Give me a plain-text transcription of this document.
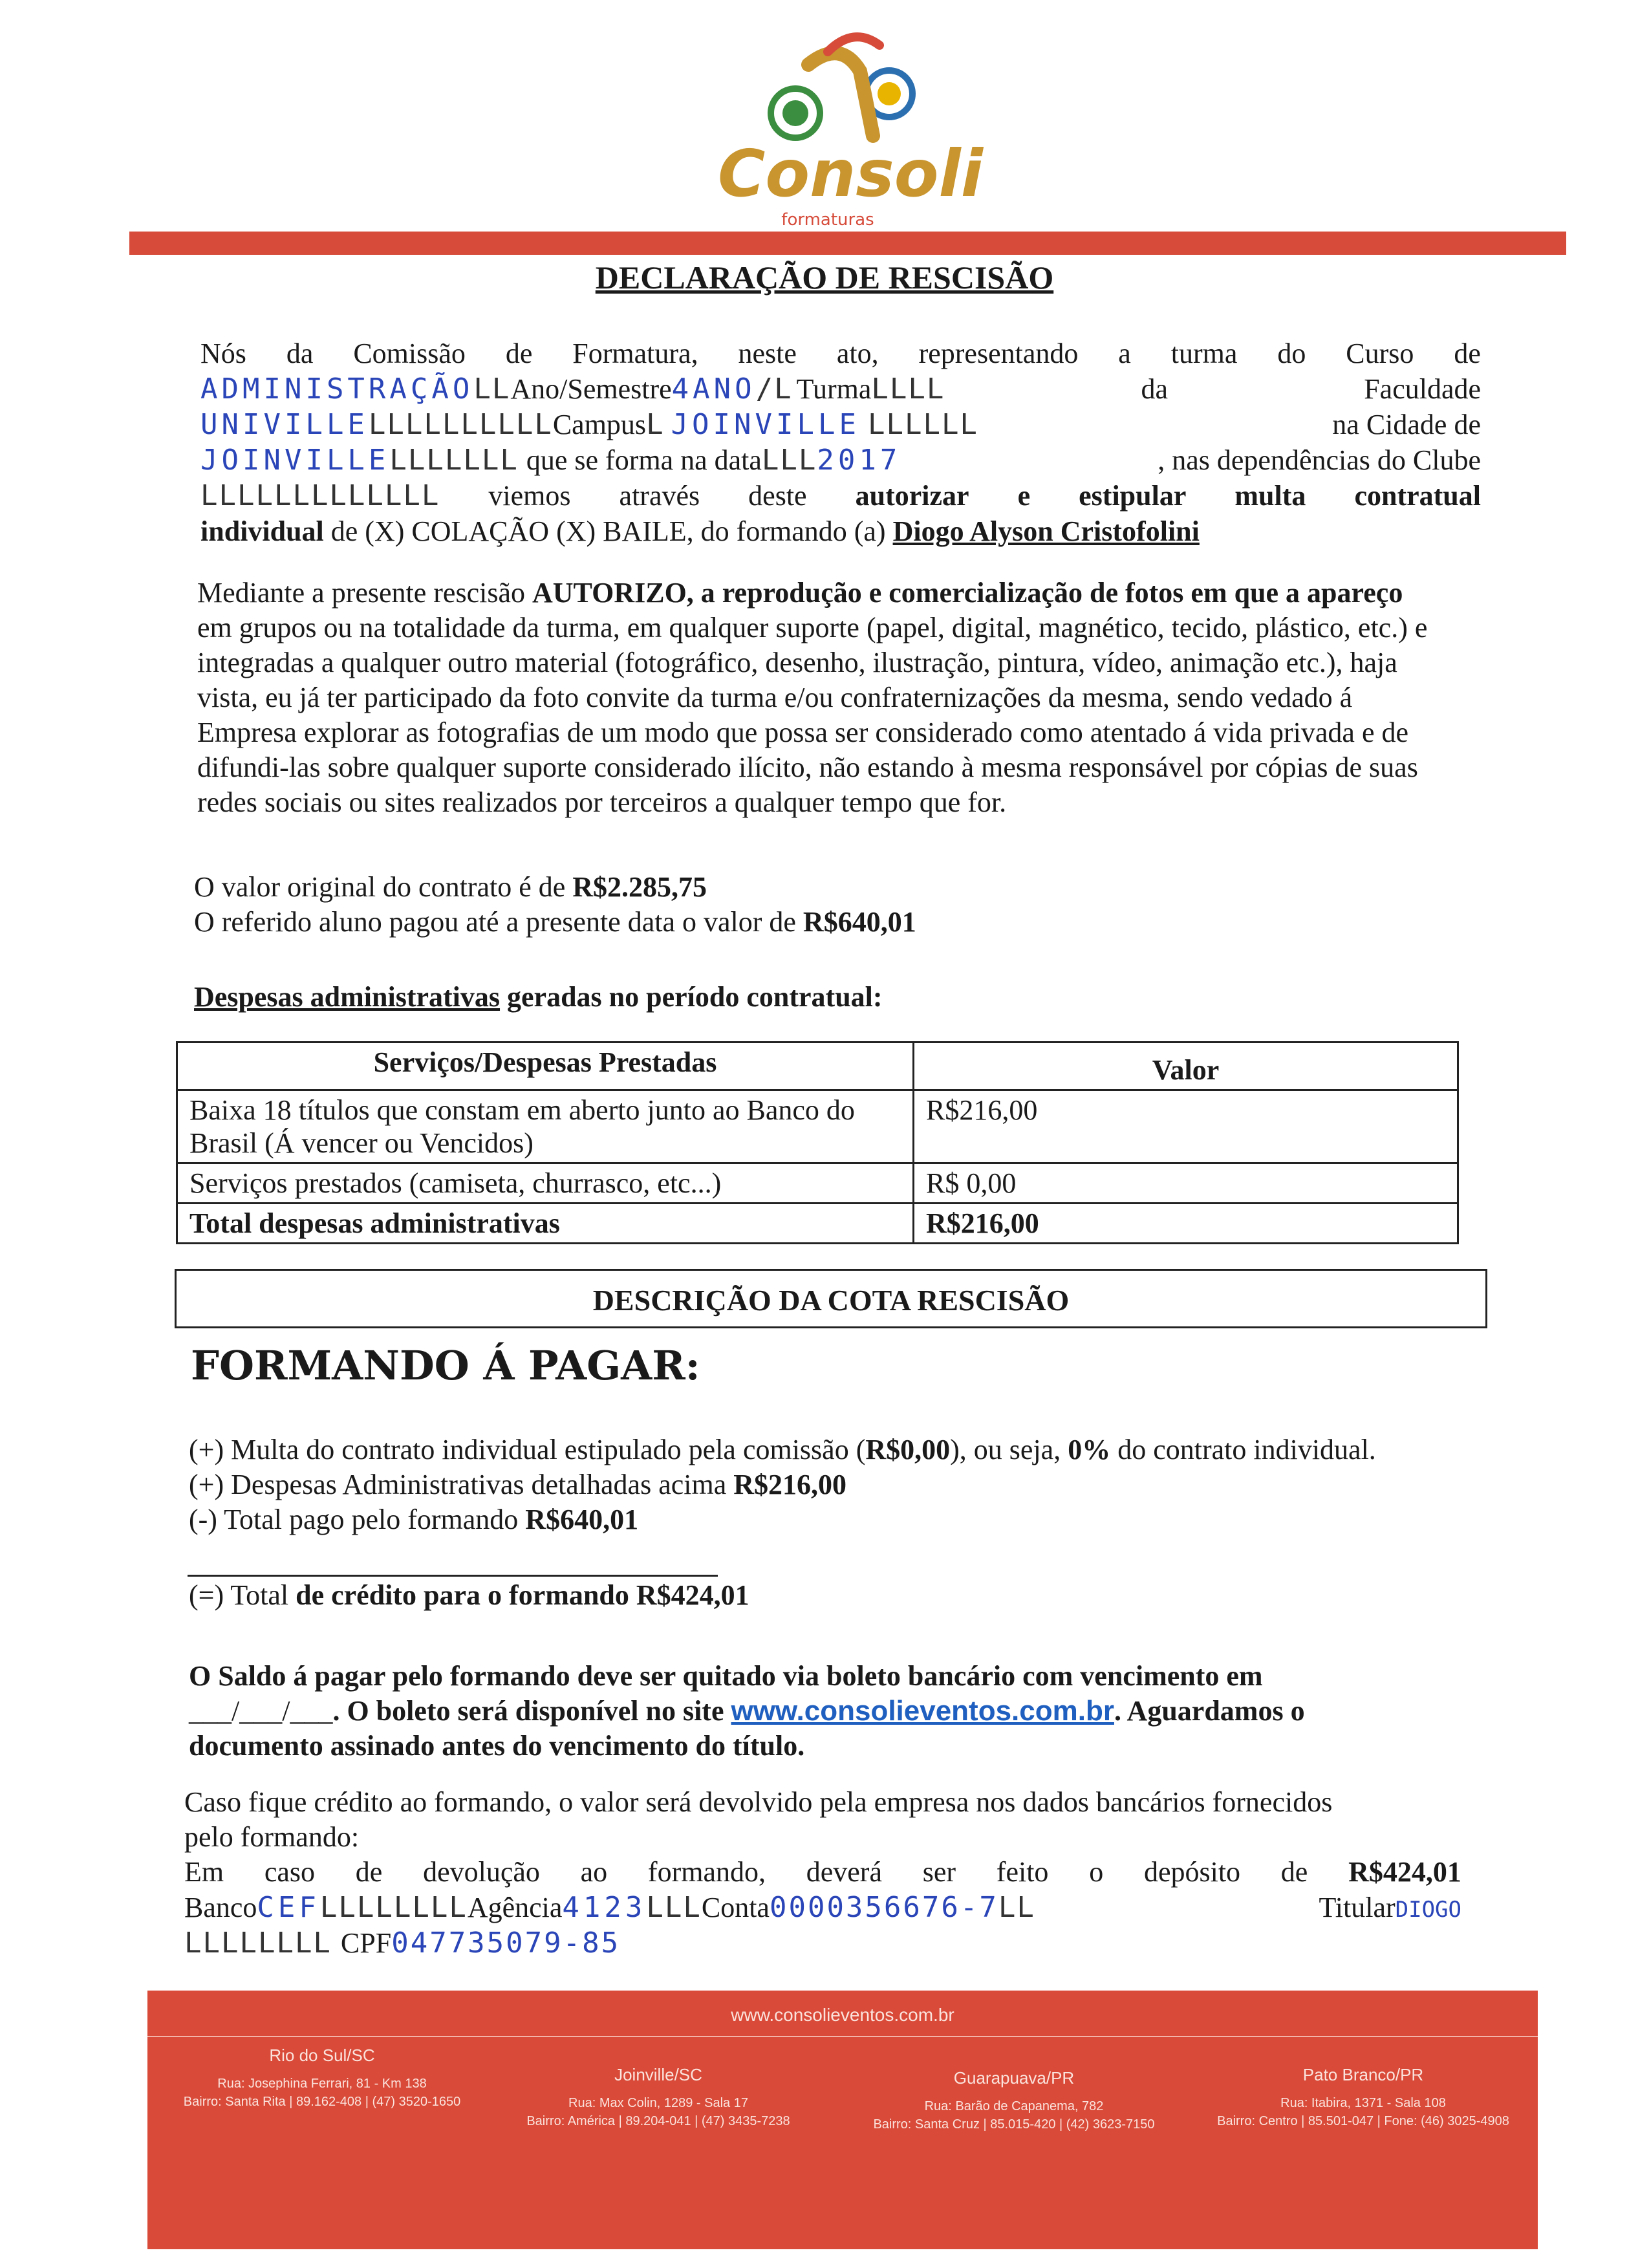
Consoli
formaturas
DECLARAÇÃO DE RESCISÃO
Nós da Comissão de Formatura, neste ato, representando a turma do Curso de
ADMINISTRAÇÃO LL Ano/Semestre 4ANO /L Turma LLLL	da	Faculdade
UNIVILLE LLLLLLLLLL Campus L JOINVILLE LLLLLL	na Cidade de
JOINVILLE LLLLLLL que se forma na data LLL 2017	, nas dependências do Clube
LLLLLLLLLLLLL viemos através deste autorizar e estipular multa contratual
individual de (X) COLAÇÃO (X) BAILE, do formando (a) Diogo Alyson Cristofolini
Mediante a presente rescisão AUTORIZO, a reprodução e comercialização de fotos em que a apareço
em grupos ou na totalidade da turma, em qualquer suporte (papel, digital, magnético, tecido, plástico, etc.) e
integradas a qualquer outro material (fotográfico, desenho, ilustração, pintura, vídeo, animação etc.), haja
vista, eu já ter participado da foto convite da turma e/ou confraternizações da mesma, sendo vedado á
Empresa explorar as fotografias de um modo que possa ser considerado como atentado á vida privada e de
difundi-las sobre qualquer suporte considerado ilícito, não estando à mesma responsável por cópias de suas
redes sociais ou sites realizados por terceiros a qualquer tempo que for.
O valor original do contrato é de R$2.285,75
O referido aluno pagou até a presente data o valor de R$640,01
Despesas administrativas geradas no período contratual:
Serviços/Despesas Prestadas	Valor
Baixa 18 títulos que constam em aberto junto ao Banco do Brasil (Á vencer ou Vencidos)	R$216,00
Serviços prestados (camiseta, churrasco, etc...)	R$ 0,00
Total despesas administrativas	R$216,00
DESCRIÇÃO DA COTA RESCISÃO
FORMANDO Á PAGAR:
(+) Multa do contrato individual estipulado pela comissão (R$0,00), ou seja, 0% do contrato individual.
(+) Despesas Administrativas detalhadas acima R$216,00
(-) Total pago pelo formando R$640,01
(=) Total de crédito para o formando R$424,01
O Saldo á pagar pelo formando deve ser quitado via boleto bancário com vencimento em
___/___/___. O boleto será disponível no site www.consolieventos.com.br. Aguardamos o
documento assinado antes do vencimento do título.
Caso fique crédito ao formando, o valor será devolvido pela empresa nos dados bancários fornecidos
pelo formando:
Em caso de devolução ao formando, deverá ser feito o depósito de R$424,01
Banco CEF LLLLLLLL Agência 4123 LLL Conta 0000356676-7 LL	Titular DIOGO
LLLLLLLL CPF 047735079-85
www.consolieventos.com.br
Rio do Sul/SC
Rua: Josephina Ferrari, 81 - Km 138
Bairro: Santa Rita | 89.162-408 | (47) 3520-1650
Joinville/SC
Rua: Max Colin, 1289 - Sala 17
Bairro: América | 89.204-041 | (47) 3435-7238
Guarapuava/PR
Rua: Barão de Capanema, 782
Bairro: Santa Cruz | 85.015-420 | (42) 3623-7150
Pato Branco/PR
Rua: Itabira, 1371 - Sala 108
Bairro: Centro | 85.501-047 | Fone: (46) 3025-4908
